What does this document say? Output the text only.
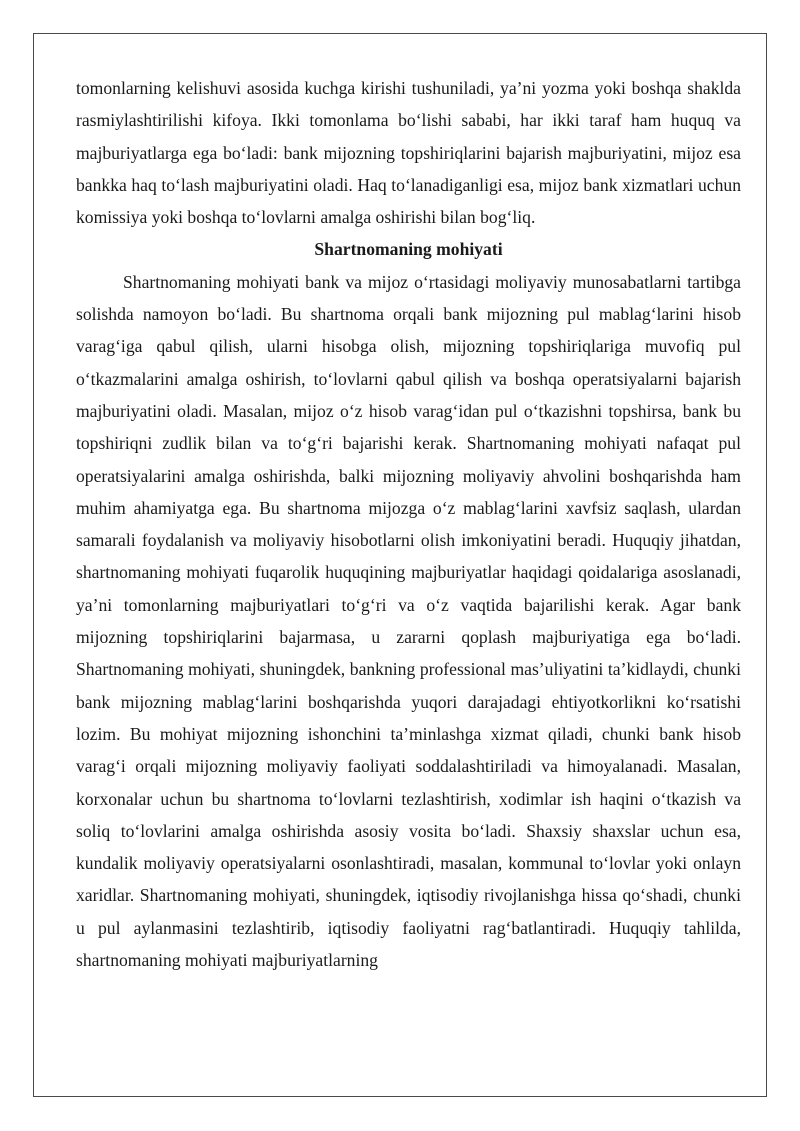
tomonlarning kelishuvi asosida kuchga kirishi tushuniladi, ya’ni yozma yoki boshqa shaklda rasmiylashtirilishi kifoya. Ikki tomonlama bo‘lishi sababi, har ikki taraf ham huquq va majburiyatlarga ega bo‘ladi: bank mijozning topshiriqlarini bajarish majburiyatini, mijoz esa bankka haq to‘lash majburiyatini oladi. Haq to‘lanadiganligi esa, mijoz bank xizmatlari uchun komissiya yoki boshqa to‘lovlarni amalga oshirishi bilan bog‘liq.

Shartnomaning mohiyati

Shartnomaning mohiyati bank va mijoz o‘rtasidagi moliyaviy munosabatlarni tartibga solishda namoyon bo‘ladi. Bu shartnoma orqali bank mijozning pul mablag‘larini hisob varag‘iga qabul qilish, ularni hisobga olish, mijozning topshiriqlariga muvofiq pul o‘tkazmalarini amalga oshirish, to‘lovlarni qabul qilish va boshqa operatsiyalarni bajarish majburiyatini oladi. Masalan, mijoz o‘z hisob varag‘idan pul o‘tkazishni topshirsa, bank bu topshiriqni zudlik bilan va to‘g‘ri bajarishi kerak. Shartnomaning mohiyati nafaqat pul operatsiyalarini amalga oshirishda, balki mijozning moliyaviy ahvolini boshqarishda ham muhim ahamiyatga ega. Bu shartnoma mijozga o‘z mablag‘larini xavfsiz saqlash, ulardan samarali foydalanish va moliyaviy hisobotlarni olish imkoniyatini beradi. Huquqiy jihatdan, shartnomaning mohiyati fuqarolik huquqining majburiyatlar haqidagi qoidalariga asoslanadi, ya’ni tomonlarning majburiyatlari to‘g‘ri va o‘z vaqtida bajarilishi kerak. Agar bank mijozning topshiriqlarini bajarmasa, u zararni qoplash majburiyatiga ega bo‘ladi. Shartnomaning mohiyati, shuningdek, bankning professional mas’uliyatini ta’kidlaydi, chunki bank mijozning mablag‘larini boshqarishda yuqori darajadagi ehtiyotkorlikni ko‘rsatishi lozim. Bu mohiyat mijozning ishonchini ta’minlashga xizmat qiladi, chunki bank hisob varag‘i orqali mijozning moliyaviy faoliyati soddalashtiriladi va himoyalanadi. Masalan, korxonalar uchun bu shartnoma to‘lovlarni tezlashtirish, xodimlar ish haqini o‘tkazish va soliq to‘lovlarini amalga oshirishda asosiy vosita bo‘ladi. Shaxsiy shaxslar uchun esa, kundalik moliyaviy operatsiyalarni osonlashtiradi, masalan, kommunal to‘lovlar yoki onlayn xaridlar. Shartnomaning mohiyati, shuningdek, iqtisodiy rivojlanishga hissa qo‘shadi, chunki u pul aylanmasini tezlashtirib, iqtisodiy faoliyatni rag‘batlantiradi. Huquqiy tahlilda, shartnomaning mohiyati majburiyatlarning
